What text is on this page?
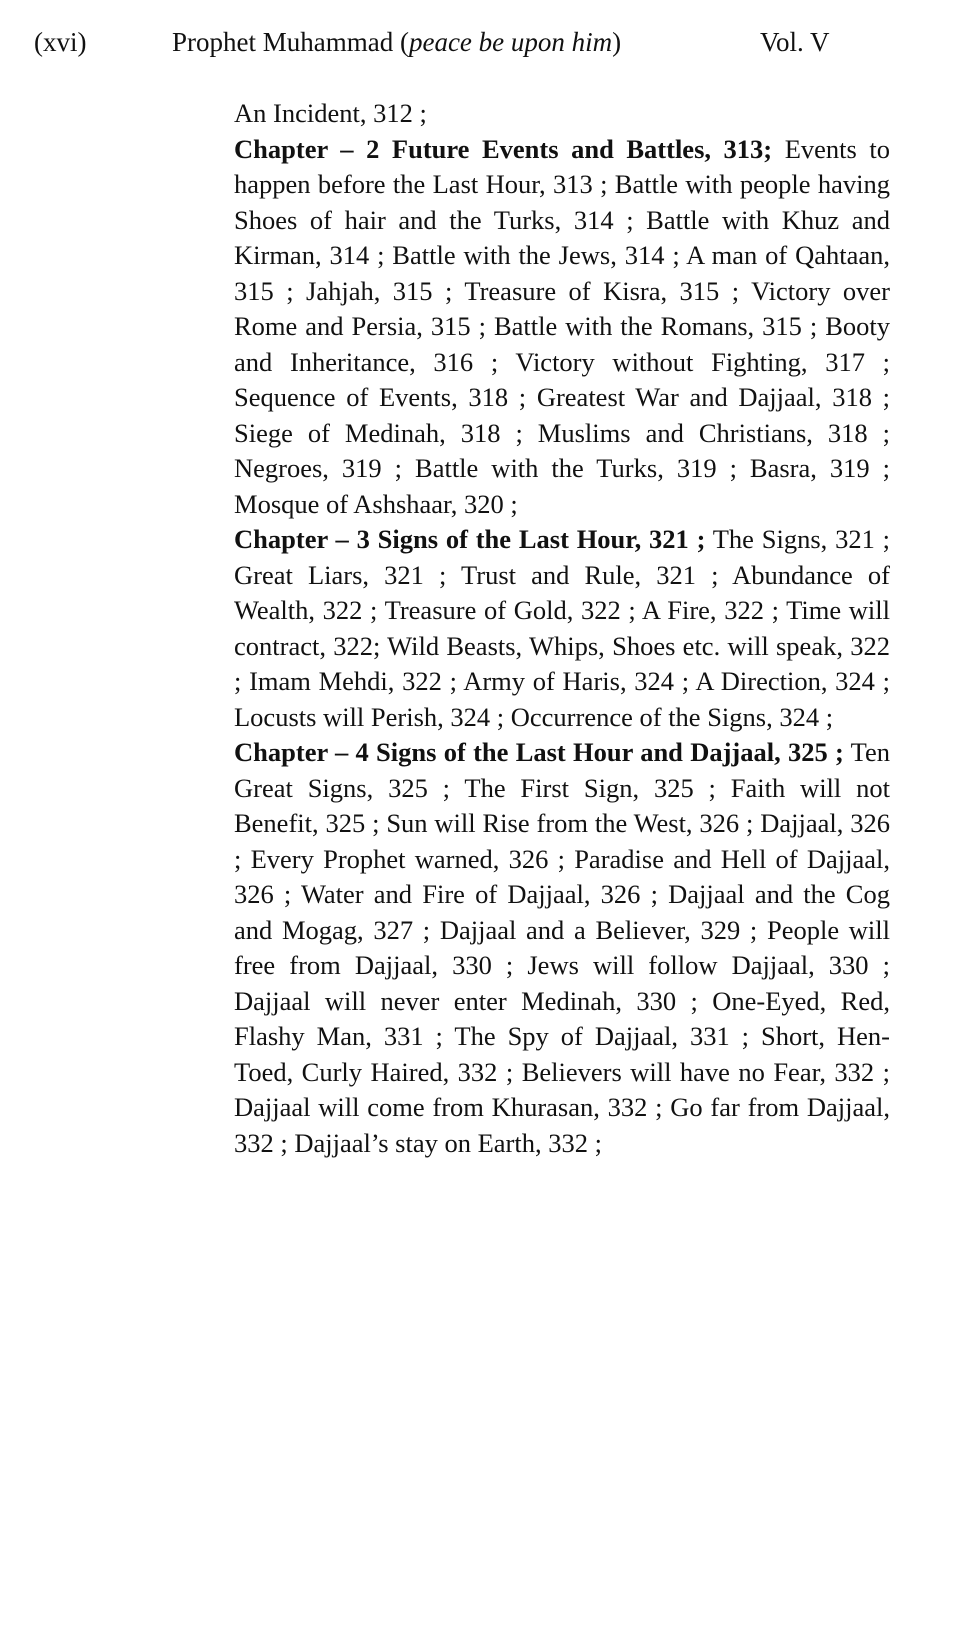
(xvi)	Prophet Muhammad (peace be upon him)	Vol. V

An Incident, 312 ;

Chapter – 2 Future Events and Battles, 313; Events to happen before the Last Hour, 313 ; Battle with people having Shoes of hair and the Turks, 314 ; Battle with Khuz and Kirman, 314 ; Battle with the Jews, 314 ; A man of Qahtaan, 315 ; Jahjah, 315 ; Treasure of Kisra, 315 ; Victory over Rome and Persia, 315 ; Battle with the Romans, 315 ; Booty and Inheritance, 316 ; Victory without Fighting, 317 ; Sequence of Events, 318 ; Greatest War and Dajjaal, 318 ; Siege of Medinah, 318 ; Muslims and Christians, 318 ; Negroes, 319 ; Battle with the Turks, 319 ; Basra, 319 ; Mosque of Ashshaar, 320 ;

Chapter – 3 Signs of the Last Hour, 321 ; The Signs, 321 ; Great Liars, 321 ; Trust and Rule, 321 ; Abundance of Wealth, 322 ; Treasure of Gold, 322 ; A Fire, 322 ; Time will contract, 322; Wild Beasts, Whips, Shoes etc. will speak, 322 ; Imam Mehdi, 322 ; Army of Haris, 324 ; A Direction, 324 ; Locusts will Perish, 324 ; Occurrence of the Signs, 324 ;

Chapter – 4 Signs of the Last Hour and Dajjaal, 325 ; Ten Great Signs, 325 ; The First Sign, 325 ; Faith will not Benefit, 325 ; Sun will Rise from the West, 326 ; Dajjaal, 326 ; Every Prophet warned, 326 ; Paradise and Hell of Dajjaal, 326 ; Water and Fire of Dajjaal, 326 ; Dajjaal and the Cog and Mogag, 327 ; Dajjaal and a Believer, 329 ; People will free from Dajjaal, 330 ; Jews will follow Dajjaal, 330 ; Dajjaal will never enter Medinah, 330 ; One-Eyed, Red, Flashy Man, 331 ; The Spy of Dajjaal, 331 ; Short, Hen-Toed, Curly Haired, 332 ; Believers will have no Fear, 332 ; Dajjaal will come from Khurasan, 332 ; Go far from Dajjaal, 332 ; Dajjaal’s stay on Earth, 332 ;
